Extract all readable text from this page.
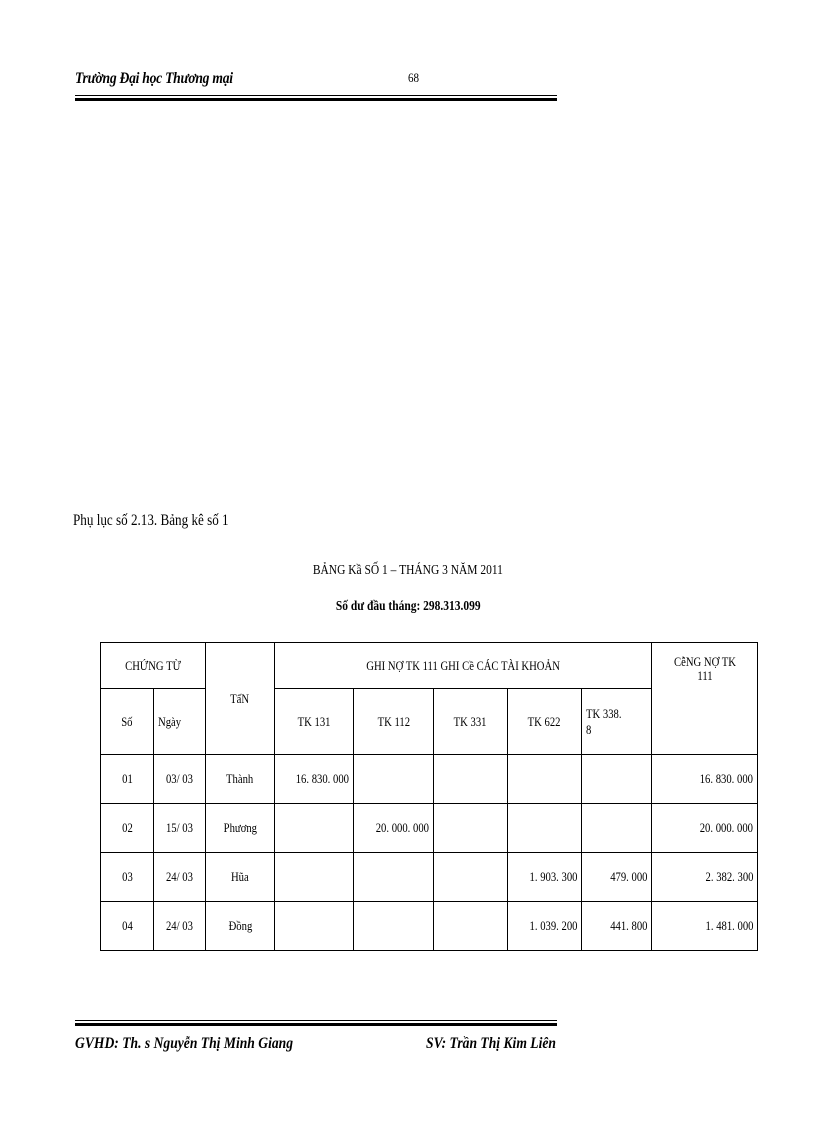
Trường Đại học Thương mại	68
Phụ lục số 2.13. Bảng kê số 1
BẢNG Kầ SỐ 1 – THÁNG 3 NĂM 2011
Số dư đầu tháng: 298.313.099
CHỨNG TỪ		TấN	GHI NỢ TK 111 GHI Cề CÁC TÀI KHOẢN					CễNG NỢ TK 111
Số	Ngày		TK 131	TK 112	TK 331	TK 622	TK 338. 8	
01	03/ 03	Thành	16. 830. 000					16. 830. 000
02	15/ 03	Phương		20. 000. 000				20. 000. 000
03	24/ 03	Hũa				1. 903. 300	479. 000	2. 382. 300
04	24/ 03	Đồng				1. 039. 200	441. 800	1. 481. 000
GVHD: Th. s Nguyễn Thị Minh Giang	SV: Trần Thị Kim Liên
